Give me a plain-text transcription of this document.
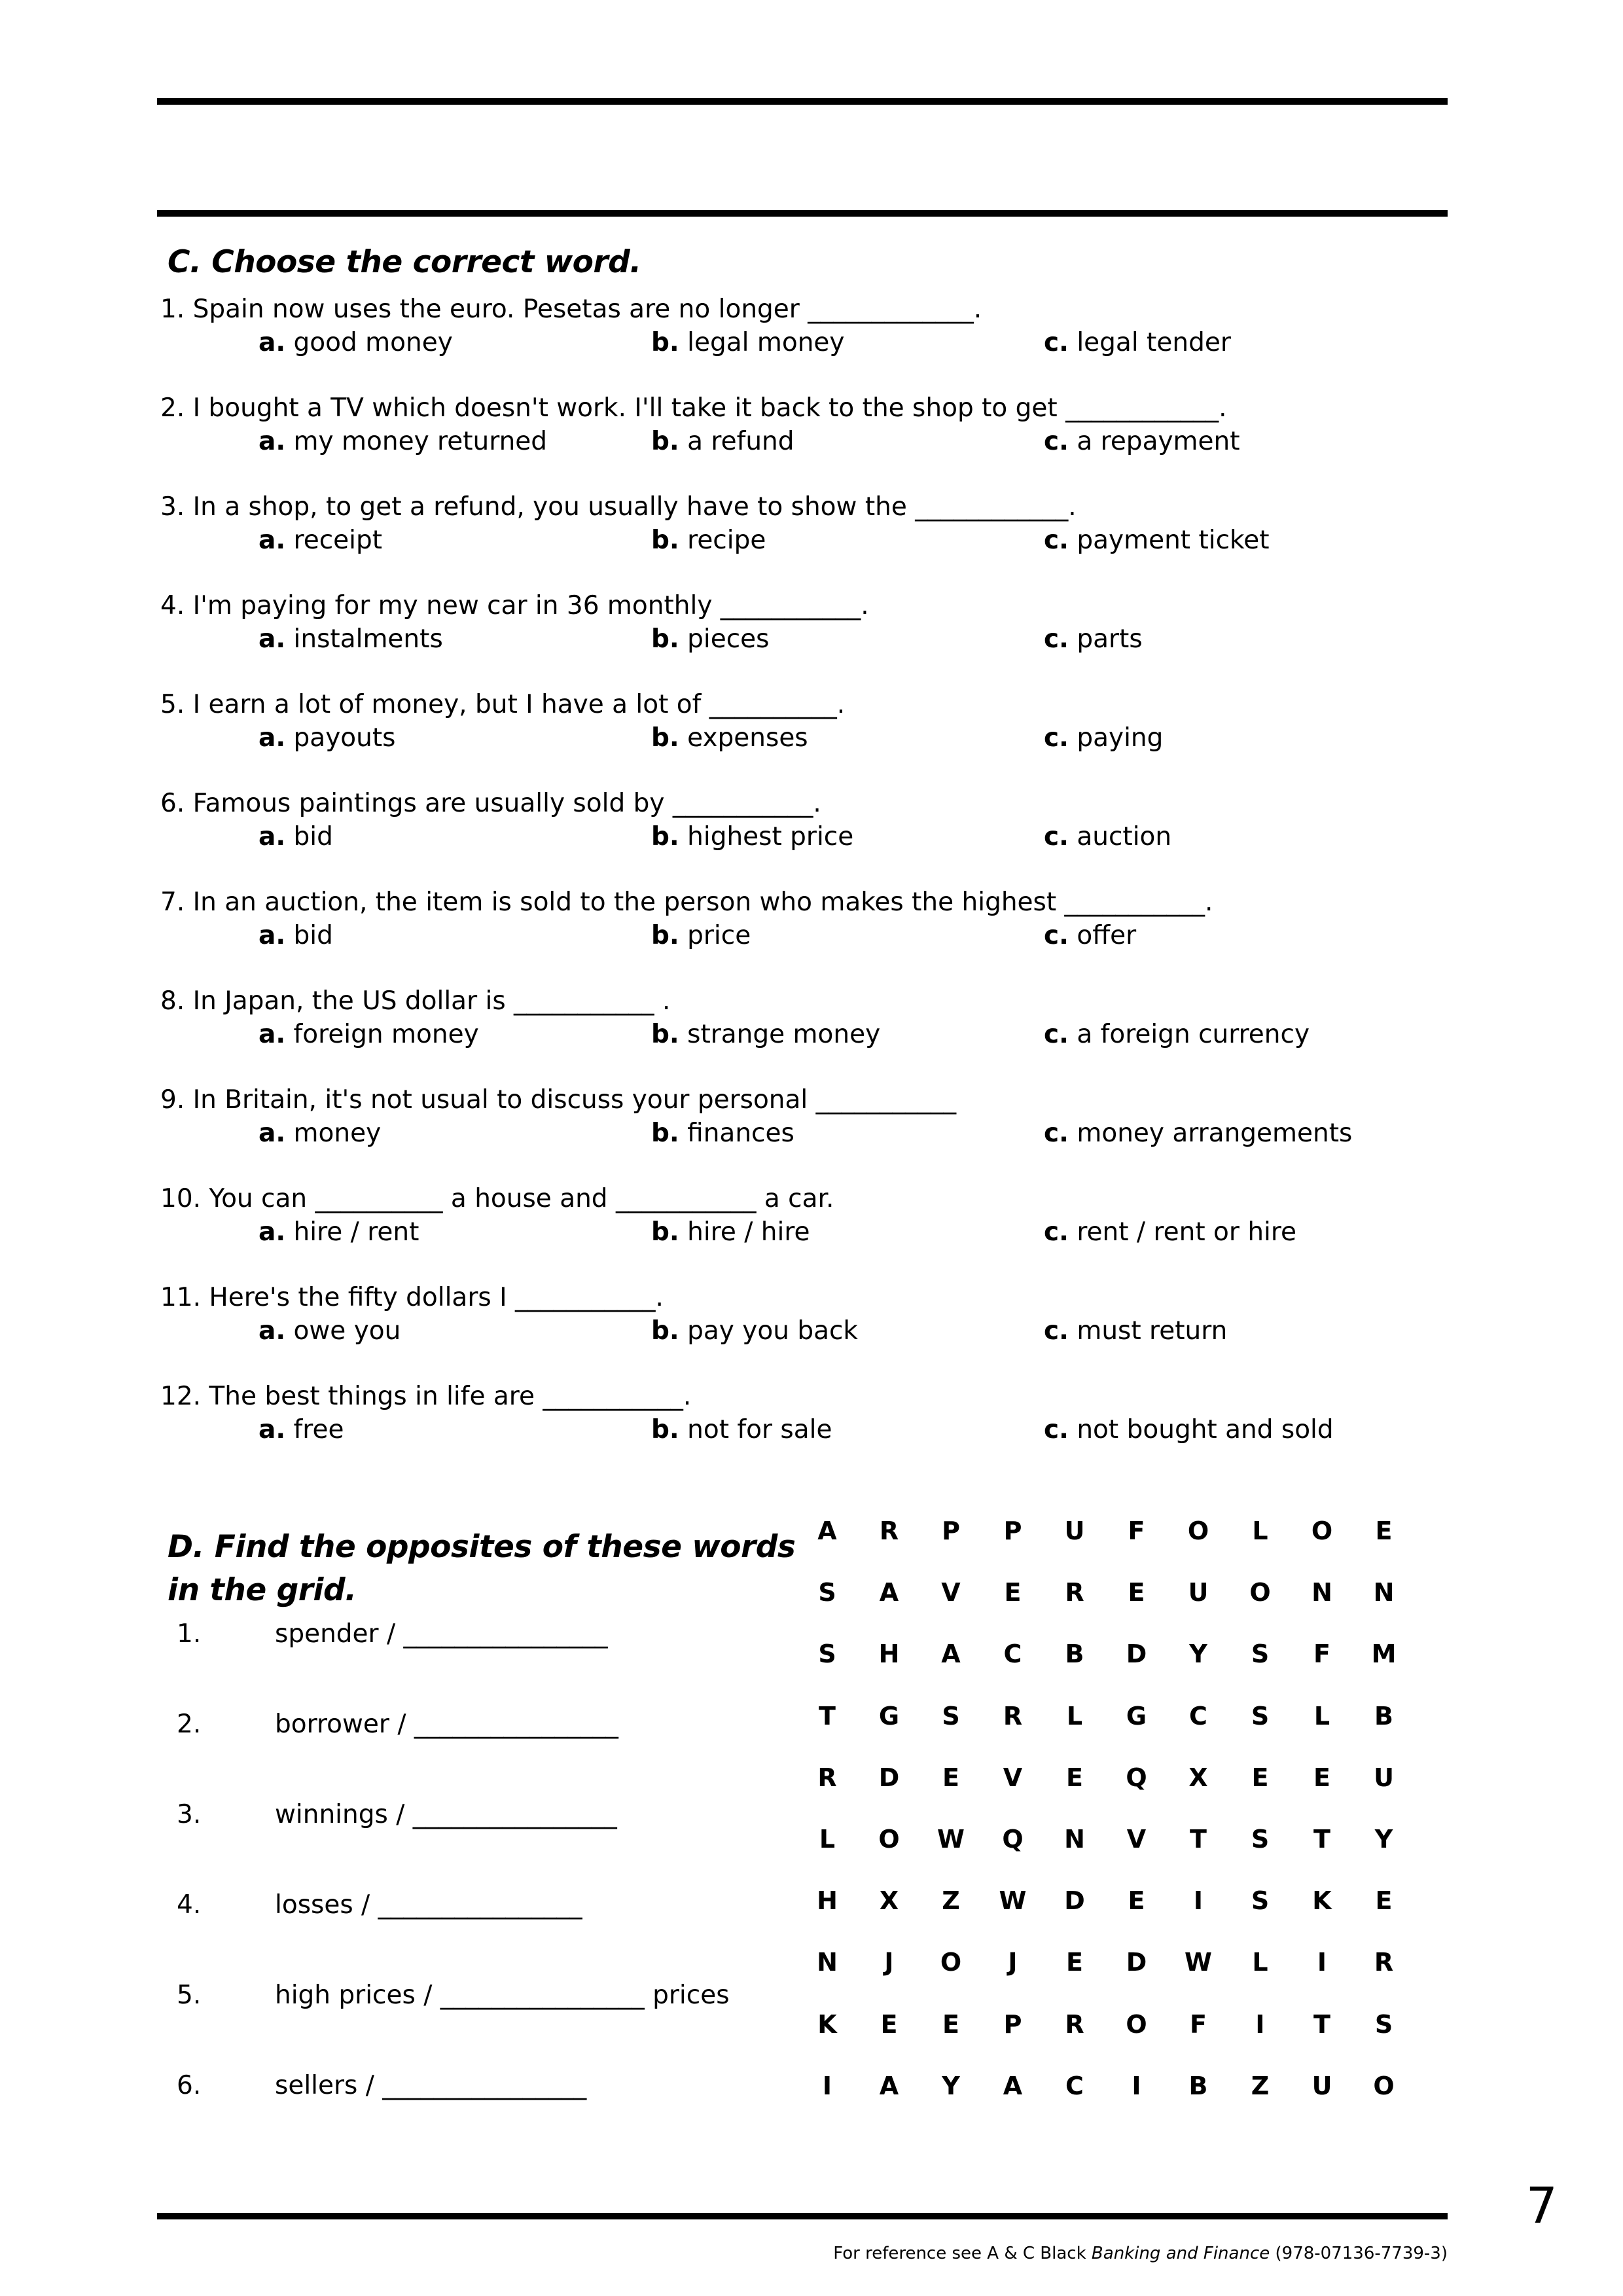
C. Choose the correct word.
1. Spain now uses the euro. Pesetas are no longer _____________.
a. good money	b. legal money	c. legal tender
2. I bought a TV which doesn't work. I'll take it back to the shop to get ____________.
a. my money returned	b. a refund	c. a repayment
3. In a shop, to get a refund, you usually have to show the ____________.
a. receipt	b. recipe	c. payment ticket
4. I'm paying for my new car in 36 monthly ___________.
a. instalments	b. pieces	c. parts
5. I earn a lot of money, but I have a lot of __________.
a. payouts	b. expenses	c. paying
6. Famous paintings are usually sold by ___________.
a. bid	b. highest price	c. auction
7. In an auction, the item is sold to the person who makes the highest ___________.
a. bid	b. price	c. offer
8. In Japan, the US dollar is ___________ .
a. foreign money	b. strange money	c. a foreign currency
9. In Britain, it's not usual to discuss your personal ___________
a. money	b. finances	c. money arrangements
10. You can __________ a house and ___________ a car.
a. hire / rent	b. hire / hire	c. rent / rent or hire
11. Here's the fifty dollars I ___________.
a. owe you	b. pay you back	c. must return
12. The best things in life are ___________.
a. free	b. not for sale	c. not bought and sold
D. Find the opposites of these words
in the grid.
1.	spender / ________________
2.	borrower / ________________
3.	winnings / ________________
4.	losses / ________________
5.	high prices / ________________ prices
6.	sellers / ________________
A	R	P	P	U	F	O	L	O	E
S	A	V	E	R	E	U	O	N	N
S	H	A	C	B	D	Y	S	F	M
T	G	S	R	L	G	C	S	L	B
R	D	E	V	E	Q	X	E	E	U
L	O	W	Q	N	V	T	S	T	Y
H	X	Z	W	D	E	I	S	K	E
N	J	O	J	E	D	W	L	I	R
K	E	E	P	R	O	F	I	T	S
I	A	Y	A	C	I	B	Z	U	O
7
For reference see A & C Black Banking and Finance (978-07136-7739-3)
